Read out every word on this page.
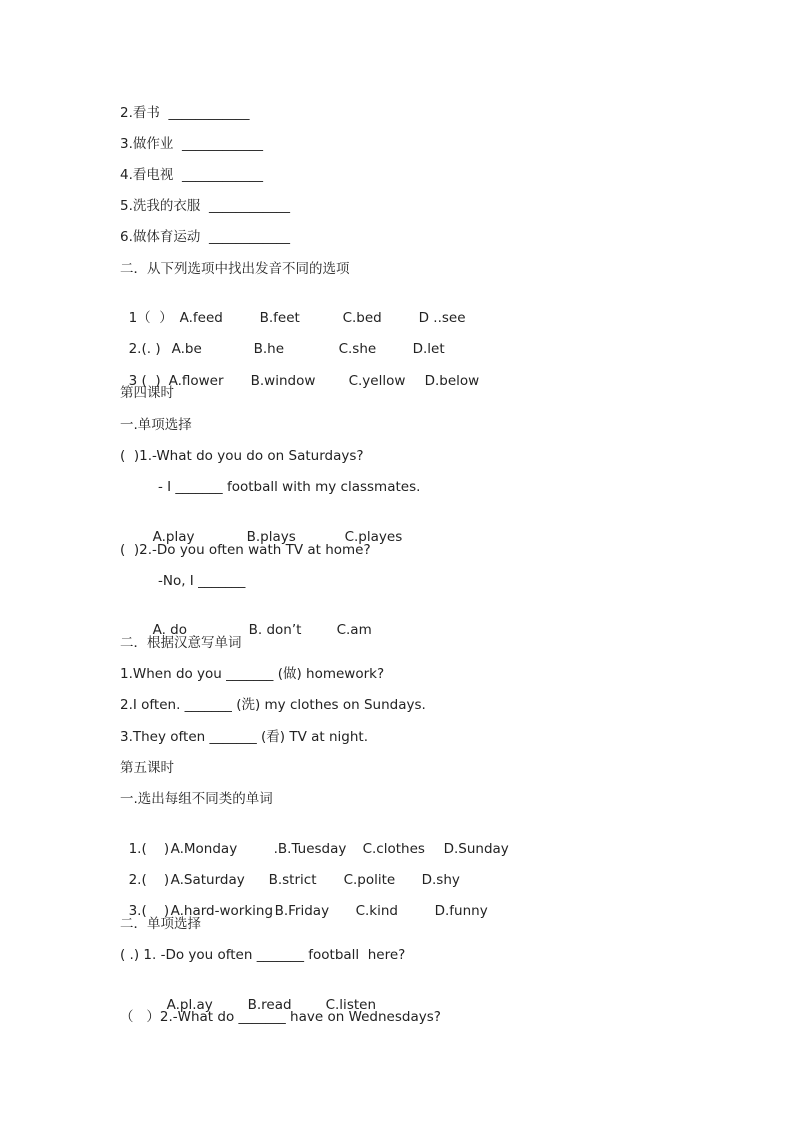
2.看书  ____________
3.做作业  ____________
4.看电视  ____________
5.洗我的衣服  ____________
6.做体育运动  ____________
二．从下列选项中找出发音不同的选项

1（  ） A.feed	B.feet	C.bed	D ..see

2.(. ) A.be	B.he	C.she	D.let

3 (  ) A.flower B.window C.yellow D.below

第四课时
一.单项选择
(  )1.-What do you do on Saturdays?
- I _______ football with my classmates.

A.play	B.plays	C.playes

(  )2.-Do you often wath TV at home?
-No, I _______

A. do	B. don’t	C.am

二．根据汉意写单词
1.When do you _______ (做) homework?
2.I often. _______ (洗) my clothes on Sundays.
3.They often _______ (看) TV at night.
第五课时
一.选出每组不同类的单词

1.(    )A.Monday	.B.Tuesday C.clothes D.Sunday

2.(    )A.Saturday B.strict C.polite D.shy

3.(    )A.hard-working B.Friday C.kind	D.funny

二．单项选择
( .) 1. -Do you often _______ football  here?

A.pl.ay	B.read	C.listen

（   ）2.-What do _______ have on Wednesdays?
